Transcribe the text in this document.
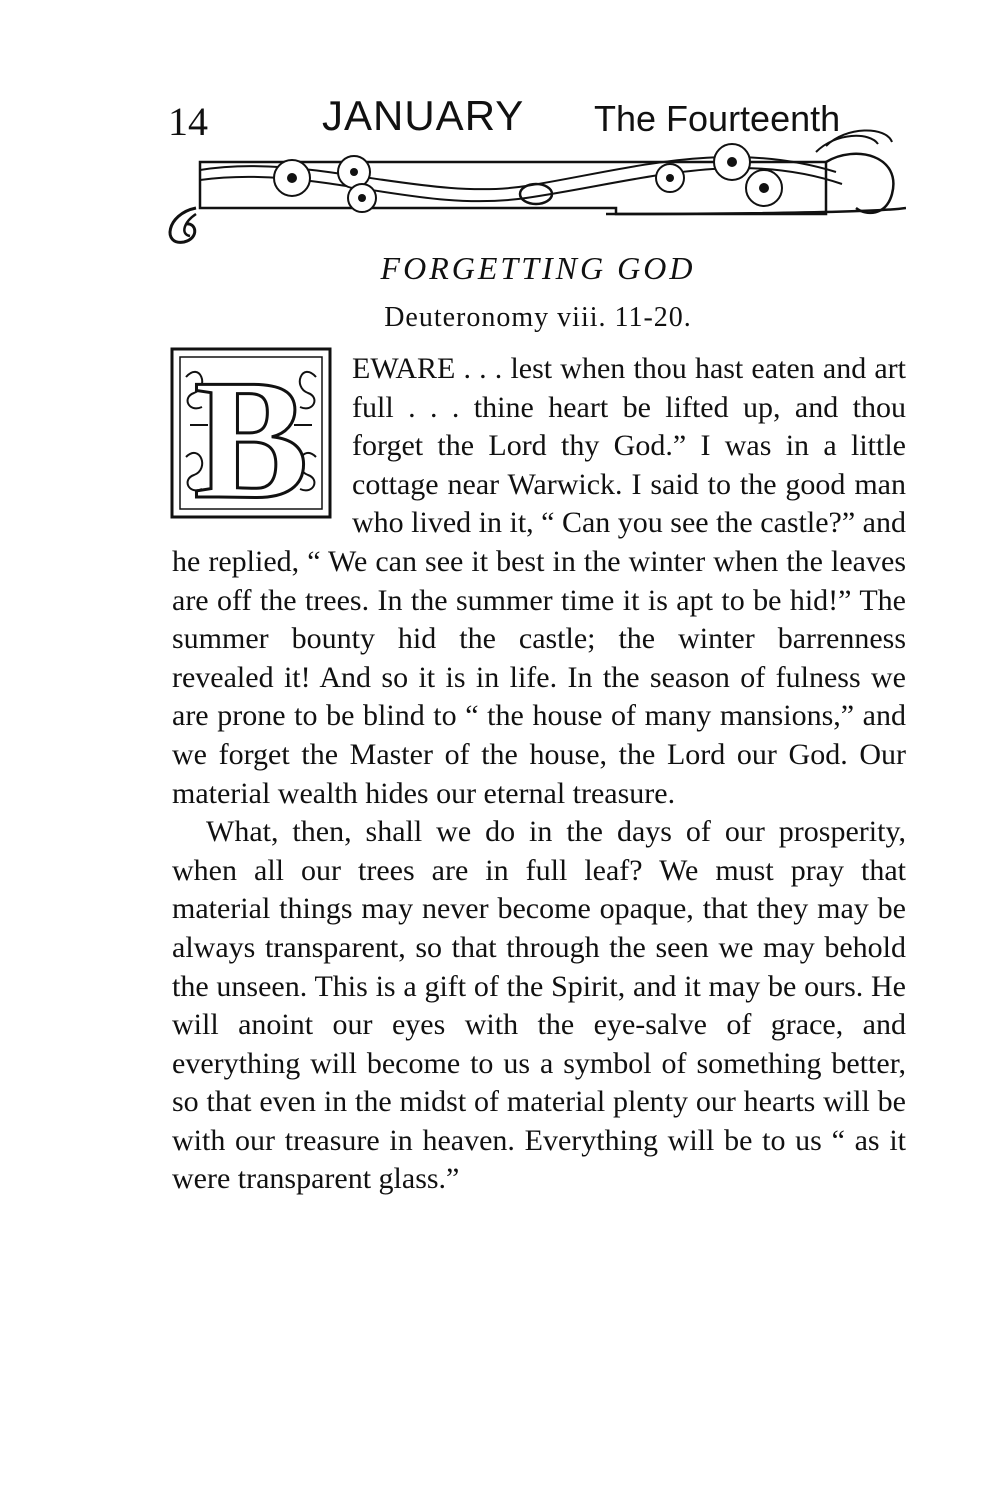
14	JANUARY The Fourteenth
FORGETTING GOD
Deuteronomy viii. 11-20.
B	EWARE . . . lest when thou hast eaten and art full . . . thine heart be lifted up, and thou forget the Lord thy God.” I was in a little cottage near Warwick. I said to the good man who lived in it, “ Can you see the castle?” and he replied, “ We can see it best in the winter when the leaves are off the trees. In the summer time it is apt to be hid!” The summer bounty hid the castle; the winter barrenness revealed it! And so it is in life. In the season of fulness we are prone to be blind to “ the house of many mansions,” and we forget the Master of the house, the Lord our God. Our material wealth hides our eternal treasure.

What, then, shall we do in the days of our prosperity, when all our trees are in full leaf? We must pray that material things may never become opaque, that they may be always transparent, so that through the seen we may behold the unseen. This is a gift of the Spirit, and it may be ours. He will anoint our eyes with the eye-salve of grace, and everything will become to us a symbol of something better, so that even in the midst of material plenty our hearts will be with our treasure in heaven. Everything will be to us “ as it were transparent glass.”
